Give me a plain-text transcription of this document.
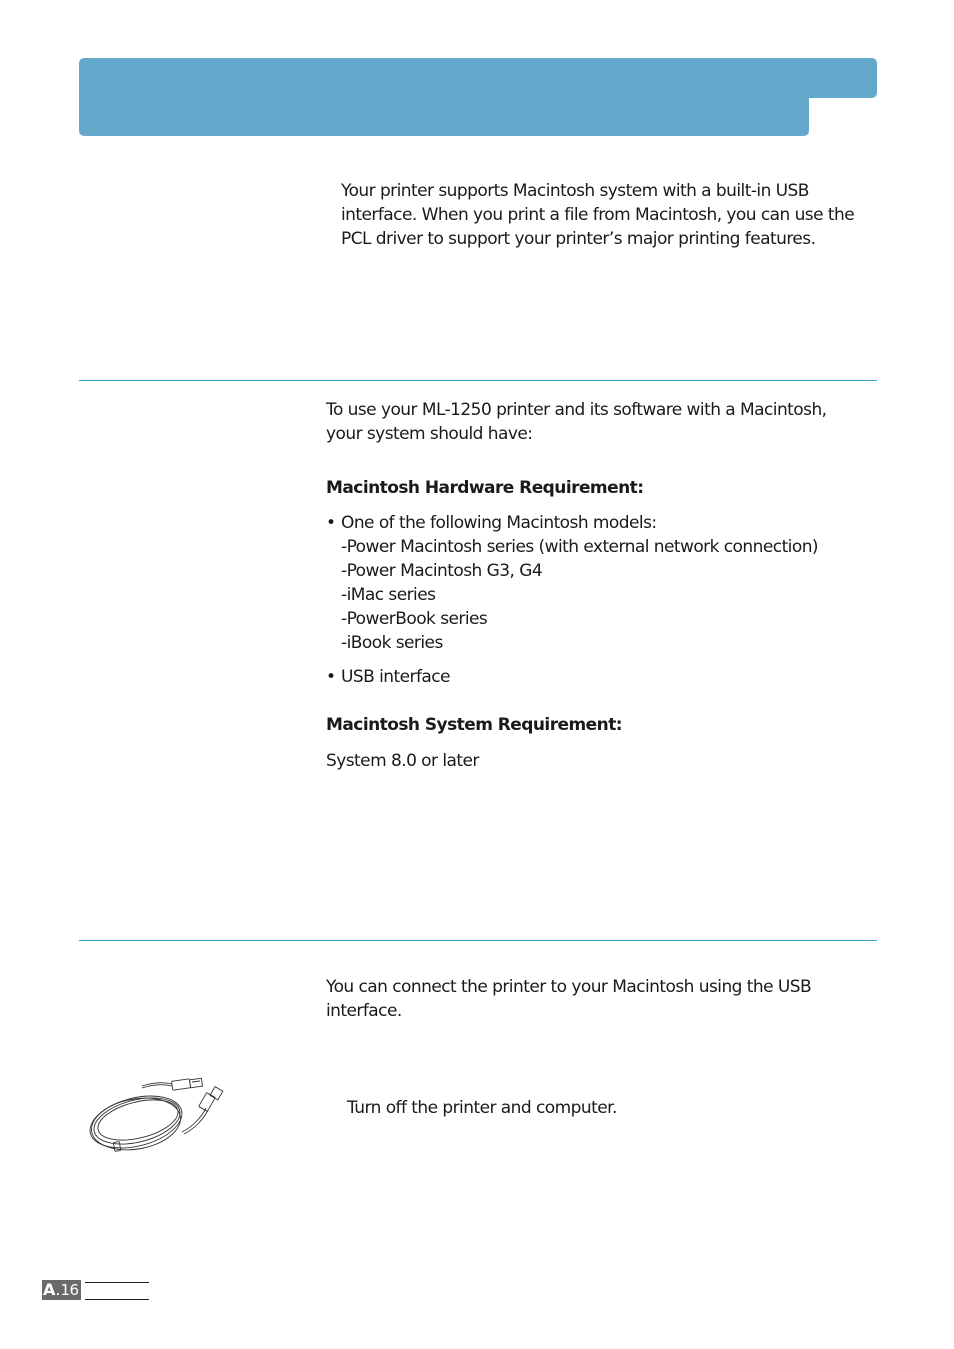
Your printer supports Macintosh system with a built-in USB
interface. When you print a file from Macintosh, you can use the
PCL driver to support your printer’s major printing features.
To use your ML-1250 printer and its software with a Macintosh,
your system should have:
Macintosh Hardware Requirement:
• One of the following Macintosh models:
-Power Macintosh series (with external network connection)
-Power Macintosh G3, G4
-iMac series
-PowerBook series
-iBook series
• USB interface
Macintosh System Requirement:
System 8.0 or later
You can connect the printer to your Macintosh using the USB
interface.
Turn off the printer and computer.
A . 16
